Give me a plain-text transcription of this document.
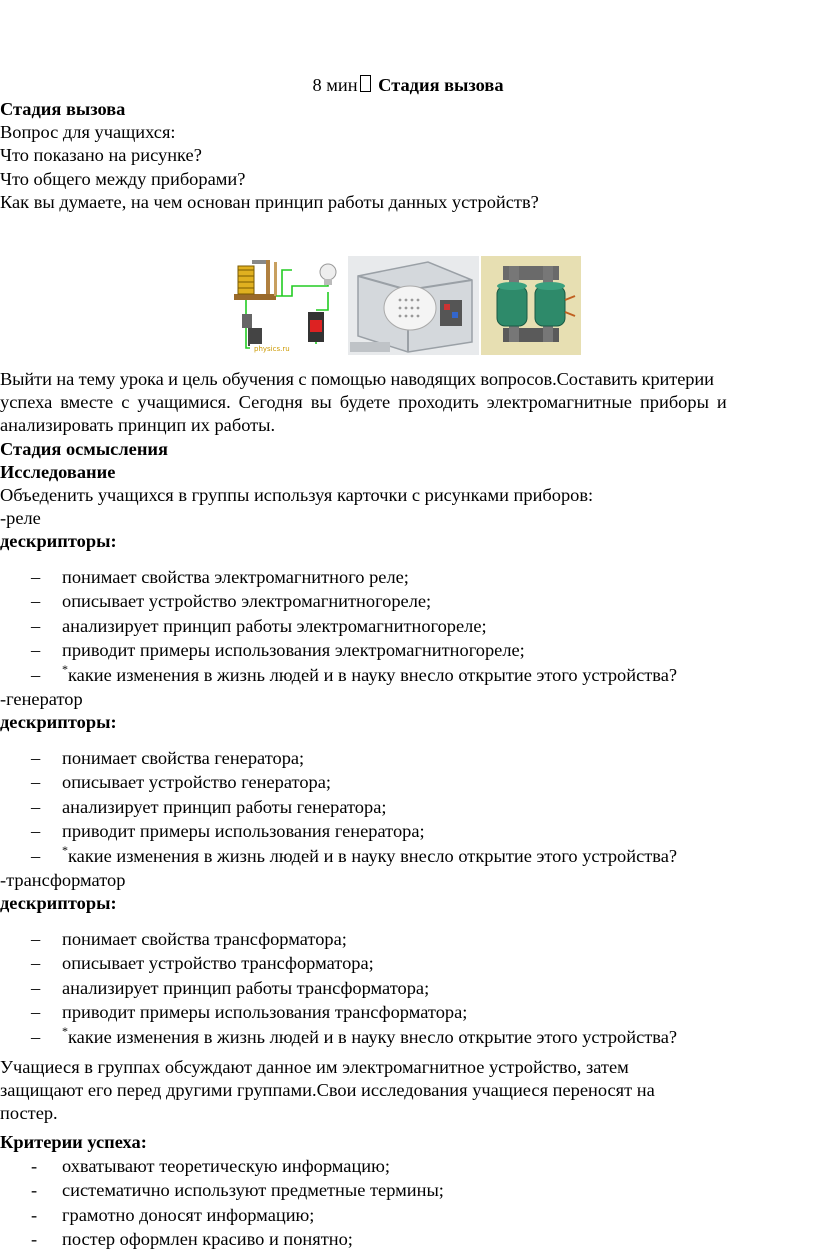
8 мин Стадия вызова
Стадия вызова
Вопрос для учащихся:
Что показано на рисунке?
Что общего между приборами?
Как вы думаете, на чем основан принцип работы данных устройств?
physics.ru
Выйти на тему урока и цель обучения с помощью наводящих вопросов.Составить критерии
успеха вместе с учащимися. Сегодня вы будете проходить электромагнитные приборы и
анализировать принцип их работы.
Стадия осмысления
Исследование
Объеденить учащихся в группы используя карточки с рисунками приборов:
-реле
дескрипторы:
– понимает свойства электромагнитного реле;
– описывает устройство электромагнитногореле;
– анализирует принцип работы электромагнитногореле;
– приводит примеры использования электромагнитногореле;
– *какие изменения в жизнь людей и в науку внесло открытие этого устройства?
-генератор
дескрипторы:
– понимает свойства генератора;
– описывает устройство генератора;
– анализирует принцип работы генератора;
– приводит примеры использования генератора;
– *какие изменения в жизнь людей и в науку внесло открытие этого устройства?
-трансформатор
дескрипторы:
– понимает свойства трансформатора;
– описывает устройство трансформатора;
– анализирует принцип работы трансформатора;
– приводит примеры использования трансформатора;
– *какие изменения в жизнь людей и в науку внесло открытие этого устройства?
Учащиеся в группах обсуждают данное им электромагнитное устройство, затем
защищают его перед другими группами.Свои исследования учащиеся переносят на
постер.
Критерии успеха:
- охватывают теоретическую информацию;
- систематично используют предметные термины;
- грамотно доносят информацию;
- постер оформлен красиво и понятно;
